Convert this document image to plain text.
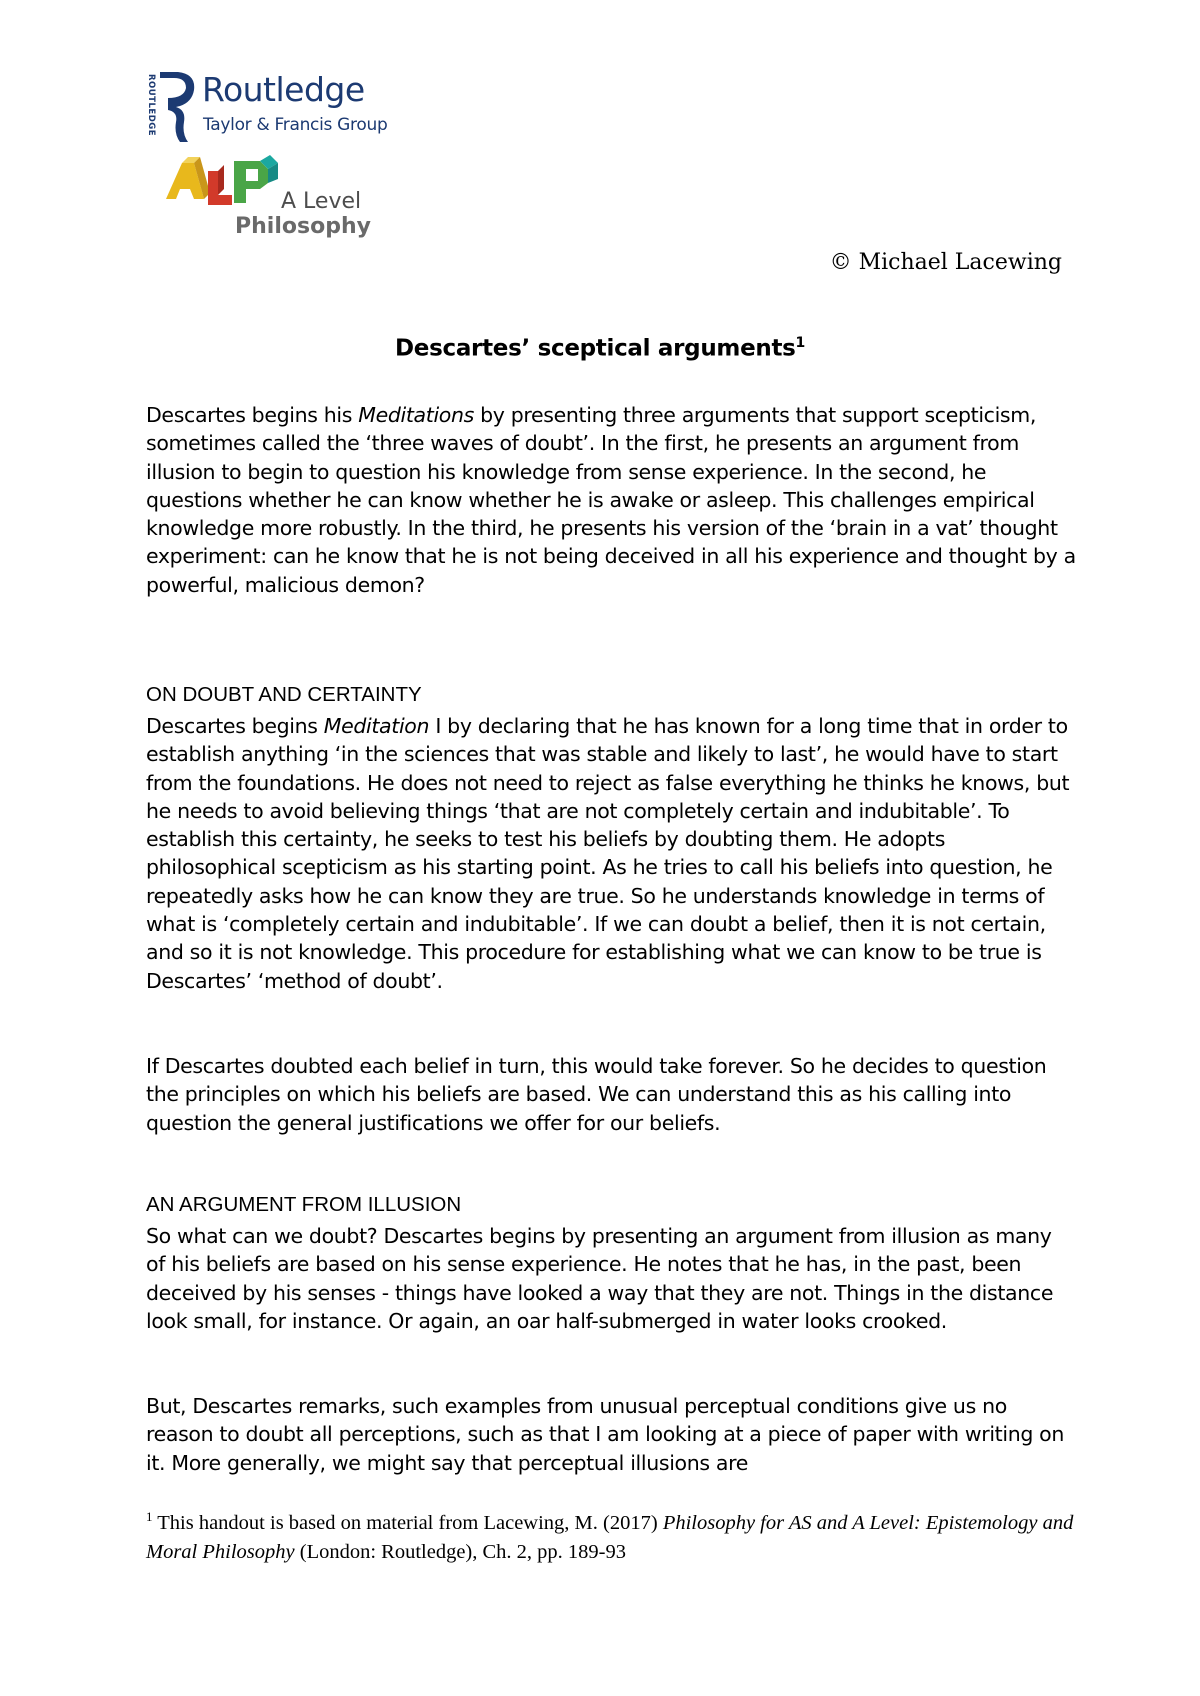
ROUTLEDGE Routledge
Taylor & Francis Group
A Level
Philosophy
© Michael Lacewing
Descartes’ sceptical arguments$^1$
Descartes begins his Meditations by presenting three arguments that support scepticism, sometimes called the ‘three waves of doubt’. In the first, he presents an argument from illusion to begin to question his knowledge from sense experience. In the second, he questions whether he can know whether he is awake or asleep. This challenges empirical knowledge more robustly. In the third, he presents his version of the ‘brain in a vat’ thought experiment: can he know that he is not being deceived in all his experience and thought by a powerful, malicious demon?
ON DOUBT AND CERTAINTY
Descartes begins Meditation I by declaring that he has known for a long time that in order to establish anything ‘in the sciences that was stable and likely to last’, he would have to start from the foundations. He does not need to reject as false everything he thinks he knows, but he needs to avoid believing things ‘that are not completely certain and indubitable’. To establish this certainty, he seeks to test his beliefs by doubting them. He adopts philosophical scepticism as his starting point. As he tries to call his beliefs into question, he repeatedly asks how he can know they are true. So he understands knowledge in terms of what is ‘completely certain and indubitable’. If we can doubt a belief, then it is not certain, and so it is not knowledge. This procedure for establishing what we can know to be true is Descartes’ ‘method of doubt’.
If Descartes doubted each belief in turn, this would take forever. So he decides to question the principles on which his beliefs are based. We can understand this as his calling into question the general justifications we offer for our beliefs.
AN ARGUMENT FROM ILLUSION
So what can we doubt? Descartes begins by presenting an argument from illusion as many of his beliefs are based on his sense experience. He notes that he has, in the past, been deceived by his senses - things have looked a way that they are not. Things in the distance look small, for instance. Or again, an oar half-submerged in water looks crooked.
But, Descartes remarks, such examples from unusual perceptual conditions give us no reason to doubt all perceptions, such as that I am looking at a piece of paper with writing on it. More generally, we might say that perceptual illusions are
$^1$ This handout is based on material from Lacewing, M. (2017) Philosophy for AS and A Level: Epistemology and Moral Philosophy (London: Routledge), Ch. 2, pp. 189-93
